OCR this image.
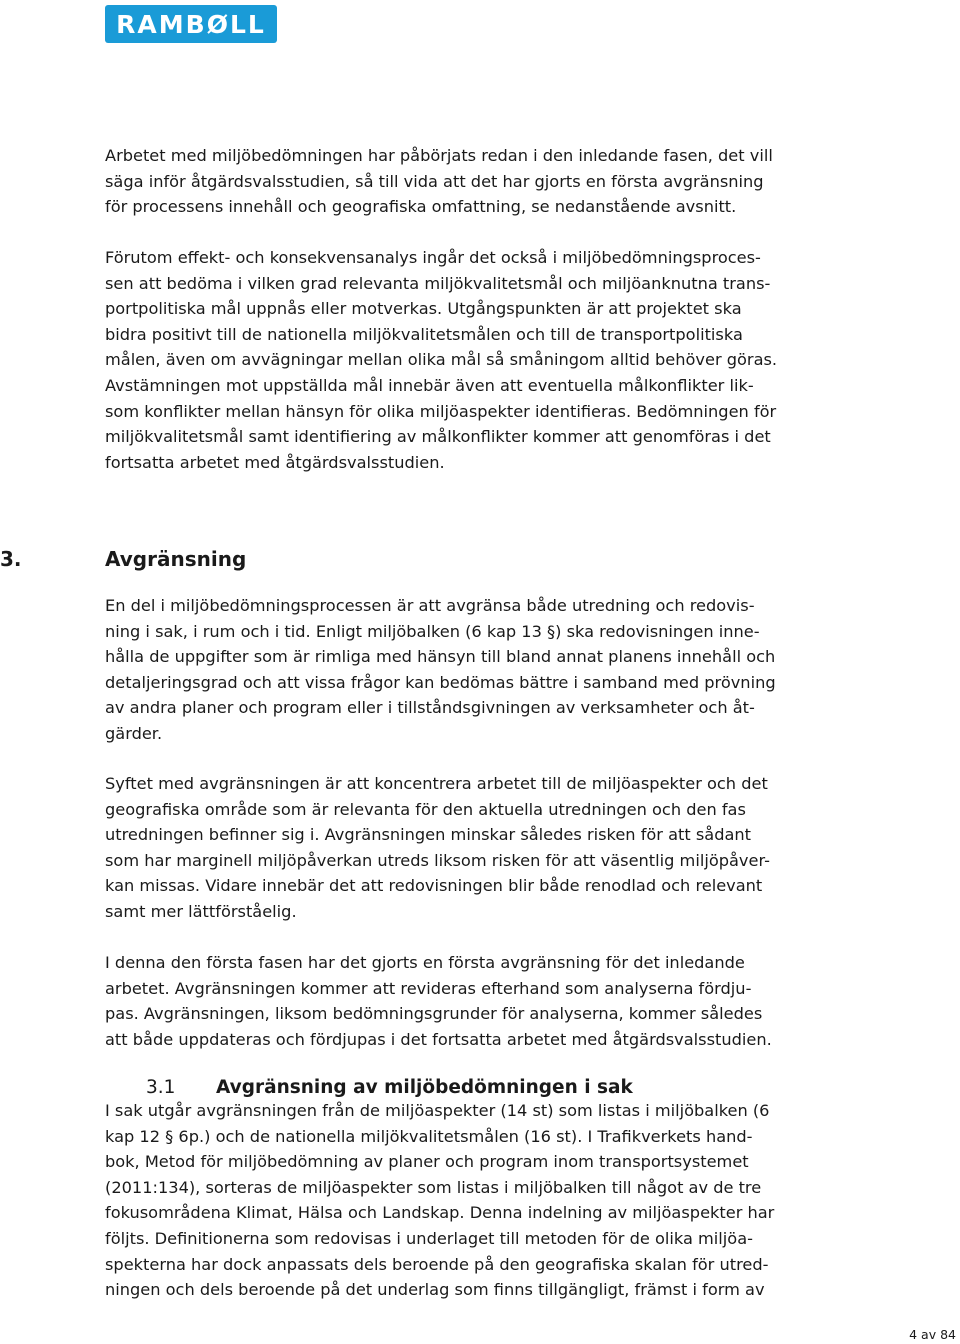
RAMBØLL
Arbetet med miljöbedömningen har påbörjats redan i den inledande fasen, det vill
säga inför åtgärdsvalsstudien, så till vida att det har gjorts en första avgränsning
för processens innehåll och geografiska omfattning, se nedanstående avsnitt.
Förutom effekt- och konsekvensanalys ingår det också i miljöbedömningsproces-
sen att bedöma i vilken grad relevanta miljökvalitetsmål och miljöanknutna trans-
portpolitiska mål uppnås eller motverkas. Utgångspunkten är att projektet ska
bidra positivt till de nationella miljökvalitetsmålen och till de transportpolitiska
målen, även om avvägningar mellan olika mål så småningom alltid behöver göras.
Avstämningen mot uppställda mål innebär även att eventuella målkonflikter lik-
som konflikter mellan hänsyn för olika miljöaspekter identifieras. Bedömningen för
miljökvalitetsmål samt identifiering av målkonflikter kommer att genomföras i det
fortsatta arbetet med åtgärdsvalsstudien.
3.	Avgränsning
En del i miljöbedömningsprocessen är att avgränsa både utredning och redovis-
ning i sak, i rum och i tid. Enligt miljöbalken (6 kap 13 §) ska redovisningen inne-
hålla de uppgifter som är rimliga med hänsyn till bland annat planens innehåll och
detaljeringsgrad och att vissa frågor kan bedömas bättre i samband med prövning
av andra planer och program eller i tillståndsgivningen av verksamheter och åt-
gärder.
Syftet med avgränsningen är att koncentrera arbetet till de miljöaspekter och det
geografiska område som är relevanta för den aktuella utredningen och den fas
utredningen befinner sig i. Avgränsningen minskar således risken för att sådant
som har marginell miljöpåverkan utreds liksom risken för att väsentlig miljöpåver-
kan missas. Vidare innebär det att redovisningen blir både renodlad och relevant
samt mer lättförståelig.
I denna den första fasen har det gjorts en första avgränsning för det inledande
arbetet. Avgränsningen kommer att revideras efterhand som analyserna fördju-
pas. Avgränsningen, liksom bedömningsgrunder för analyserna, kommer således
att både uppdateras och fördjupas i det fortsatta arbetet med åtgärdsvalsstudien.
3.1 Avgränsning av miljöbedömningen i sak
I sak utgår avgränsningen från de miljöaspekter (14 st) som listas i miljöbalken (6
kap 12 § 6p.) och de nationella miljökvalitetsmålen (16 st). I Trafikverkets hand-
bok, Metod för miljöbedömning av planer och program inom transportsystemet
(2011:134), sorteras de miljöaspekter som listas i miljöbalken till något av de tre
fokusområdena Klimat, Hälsa och Landskap. Denna indelning av miljöaspekter har
följts. Definitionerna som redovisas i underlaget till metoden för de olika miljöa-
spekterna har dock anpassats dels beroende på den geografiska skalan för utred-
ningen och dels beroende på det underlag som finns tillgängligt, främst i form av
4 av 84
